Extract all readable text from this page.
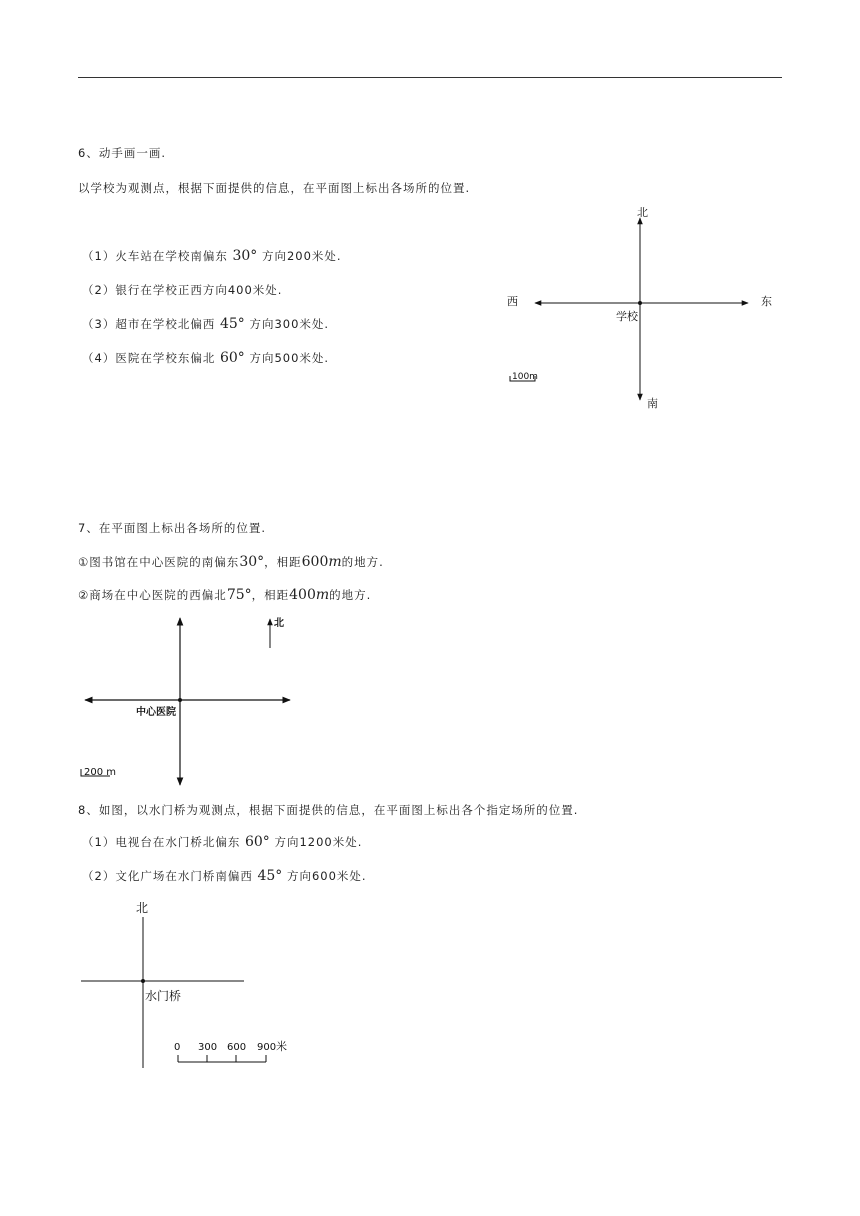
6、动手画一画.
以学校为观测点，根据下面提供的信息，在平面图上标出各场所的位置.
（1）火车站在学校南偏东 30° 方向200米处.
（2）银行在学校正西方向400米处.
（3）超市在学校北偏西 45° 方向300米处.
（4）医院在学校东偏北 60° 方向500米处.
7、在平面图上标出各场所的位置.
①图书馆在中心医院的南偏东30°，相距600m的地方.
②商场在中心医院的西偏北75°，相距400m的地方.
8、如图，以水门桥为观测点，根据下面提供的信息，在平面图上标出各个指定场所的位置.
（1）电视台在水门桥北偏东 60° 方向1200米处.
（2）文化广场在水门桥南偏西 45° 方向600米处.
北
南
东
西
学校
100m
北
中心医院
200 m
北
水门桥
0 300 600 900 米
